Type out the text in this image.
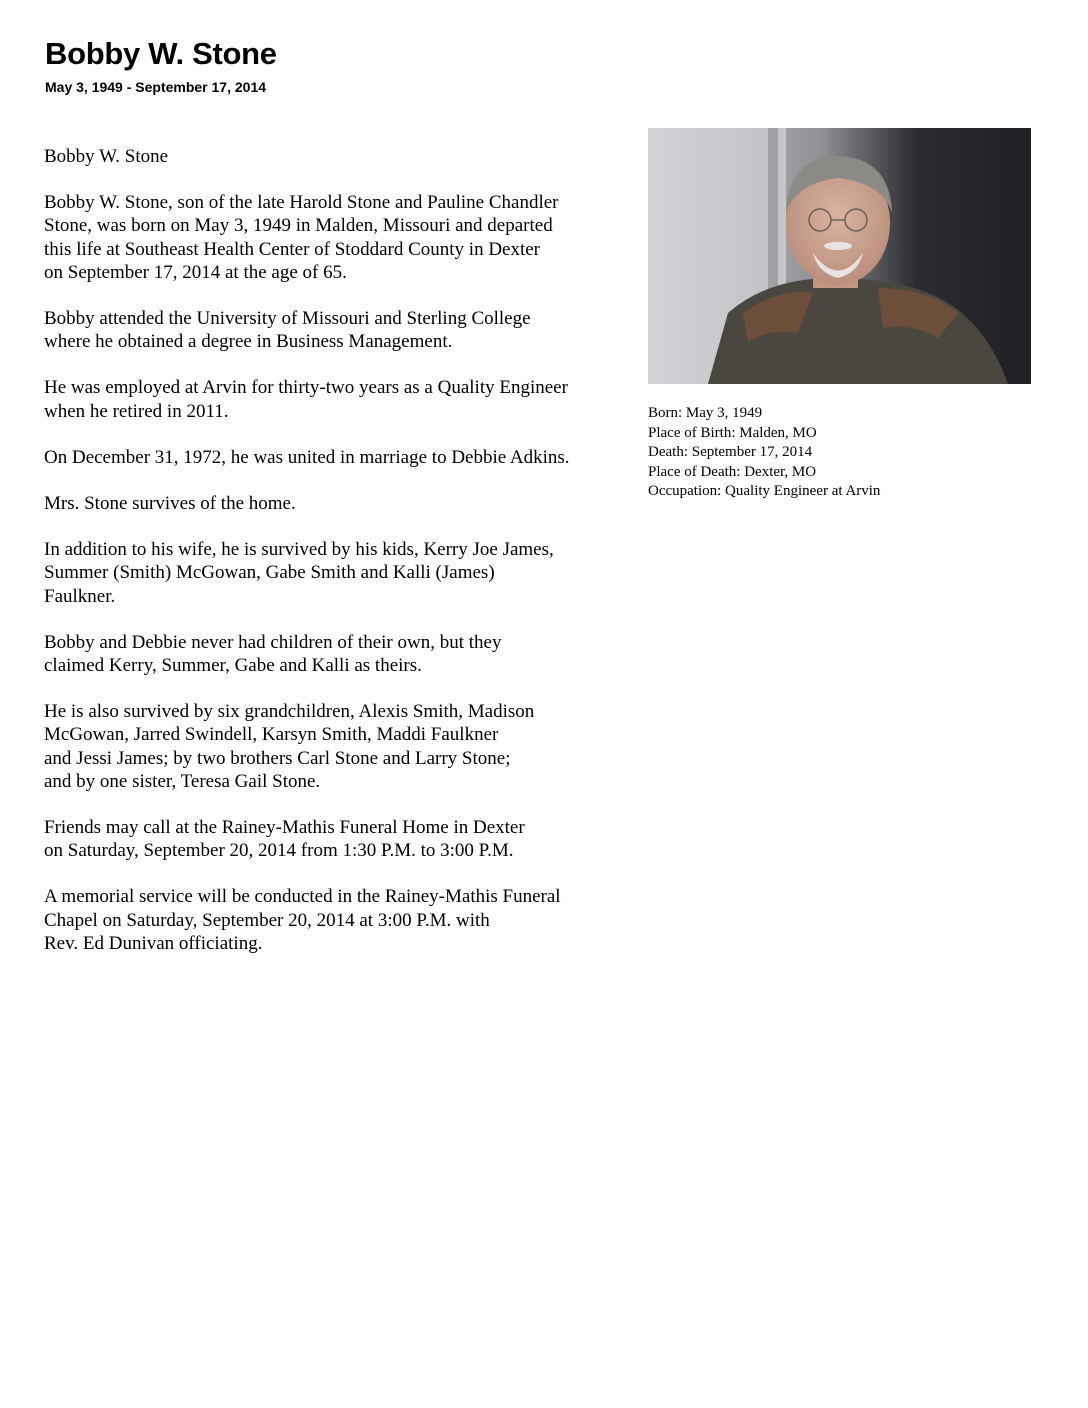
Bobby W. Stone
May 3, 1949 - September 17, 2014

Bobby W. Stone

Bobby W. Stone, son of the late Harold Stone and Pauline Chandler
Stone, was born on May 3, 1949 in Malden, Missouri and departed
this life at Southeast Health Center of Stoddard County in Dexter
on September 17, 2014 at the age of 65.

Bobby attended the University of Missouri and Sterling College
where he obtained a degree in Business Management.

He was employed at Arvin for thirty-two years as a Quality Engineer
when he retired in 2011.

On December 31, 1972, he was united in marriage to Debbie Adkins.

Mrs. Stone survives of the home.

In addition to his wife, he is survived by his kids, Kerry Joe James,
Summer (Smith) McGowan, Gabe Smith and Kalli (James)
Faulkner.

Bobby and Debbie never had children of their own, but they
claimed Kerry, Summer, Gabe and Kalli as theirs.

He is also survived by six grandchildren, Alexis Smith, Madison
McGowan, Jarred Swindell, Karsyn Smith, Maddi Faulkner
and Jessi James; by two brothers Carl Stone and Larry Stone;
and by one sister, Teresa Gail Stone.

Friends may call at the Rainey-Mathis Funeral Home in Dexter
on Saturday, September 20, 2014 from 1:30 P.M. to 3:00 P.M.

A memorial service will be conducted in the Rainey-Mathis Funeral
Chapel on Saturday, September 20, 2014 at 3:00 P.M. with
Rev. Ed Dunivan officiating.

Born: May 3, 1949
Place of Birth: Malden, MO
Death: September 17, 2014
Place of Death: Dexter, MO
Occupation: Quality Engineer at Arvin
